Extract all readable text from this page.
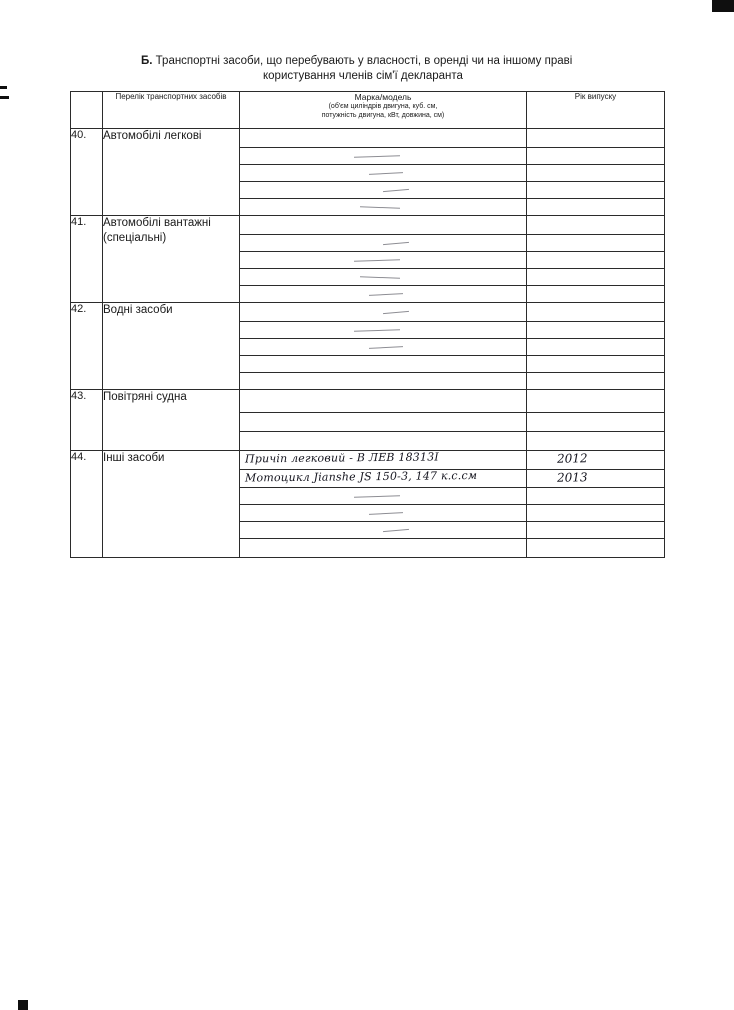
Б. Транспортні засоби, що перебувають у власності, в оренді чи на іншому праві
користування членів сім'ї декларанта
	Перелік транспортних засобів	Марка/модель
(об'єм циліндрів двигуна, куб. см,
потужність двигуна, кВт, довжина, см)	Рік випуску
40.	Автомобілі легкові	

41.	Автомобілі вантажні
(спеціальні)	

42.	Водні засоби	

43.	Повітряні судна	

44.	Інші засоби	Причіп легковий - В ЛЕВ 18313I	2012

		Мотоцикл Jianshe JS 150-3, 147 к.с.см	2013
